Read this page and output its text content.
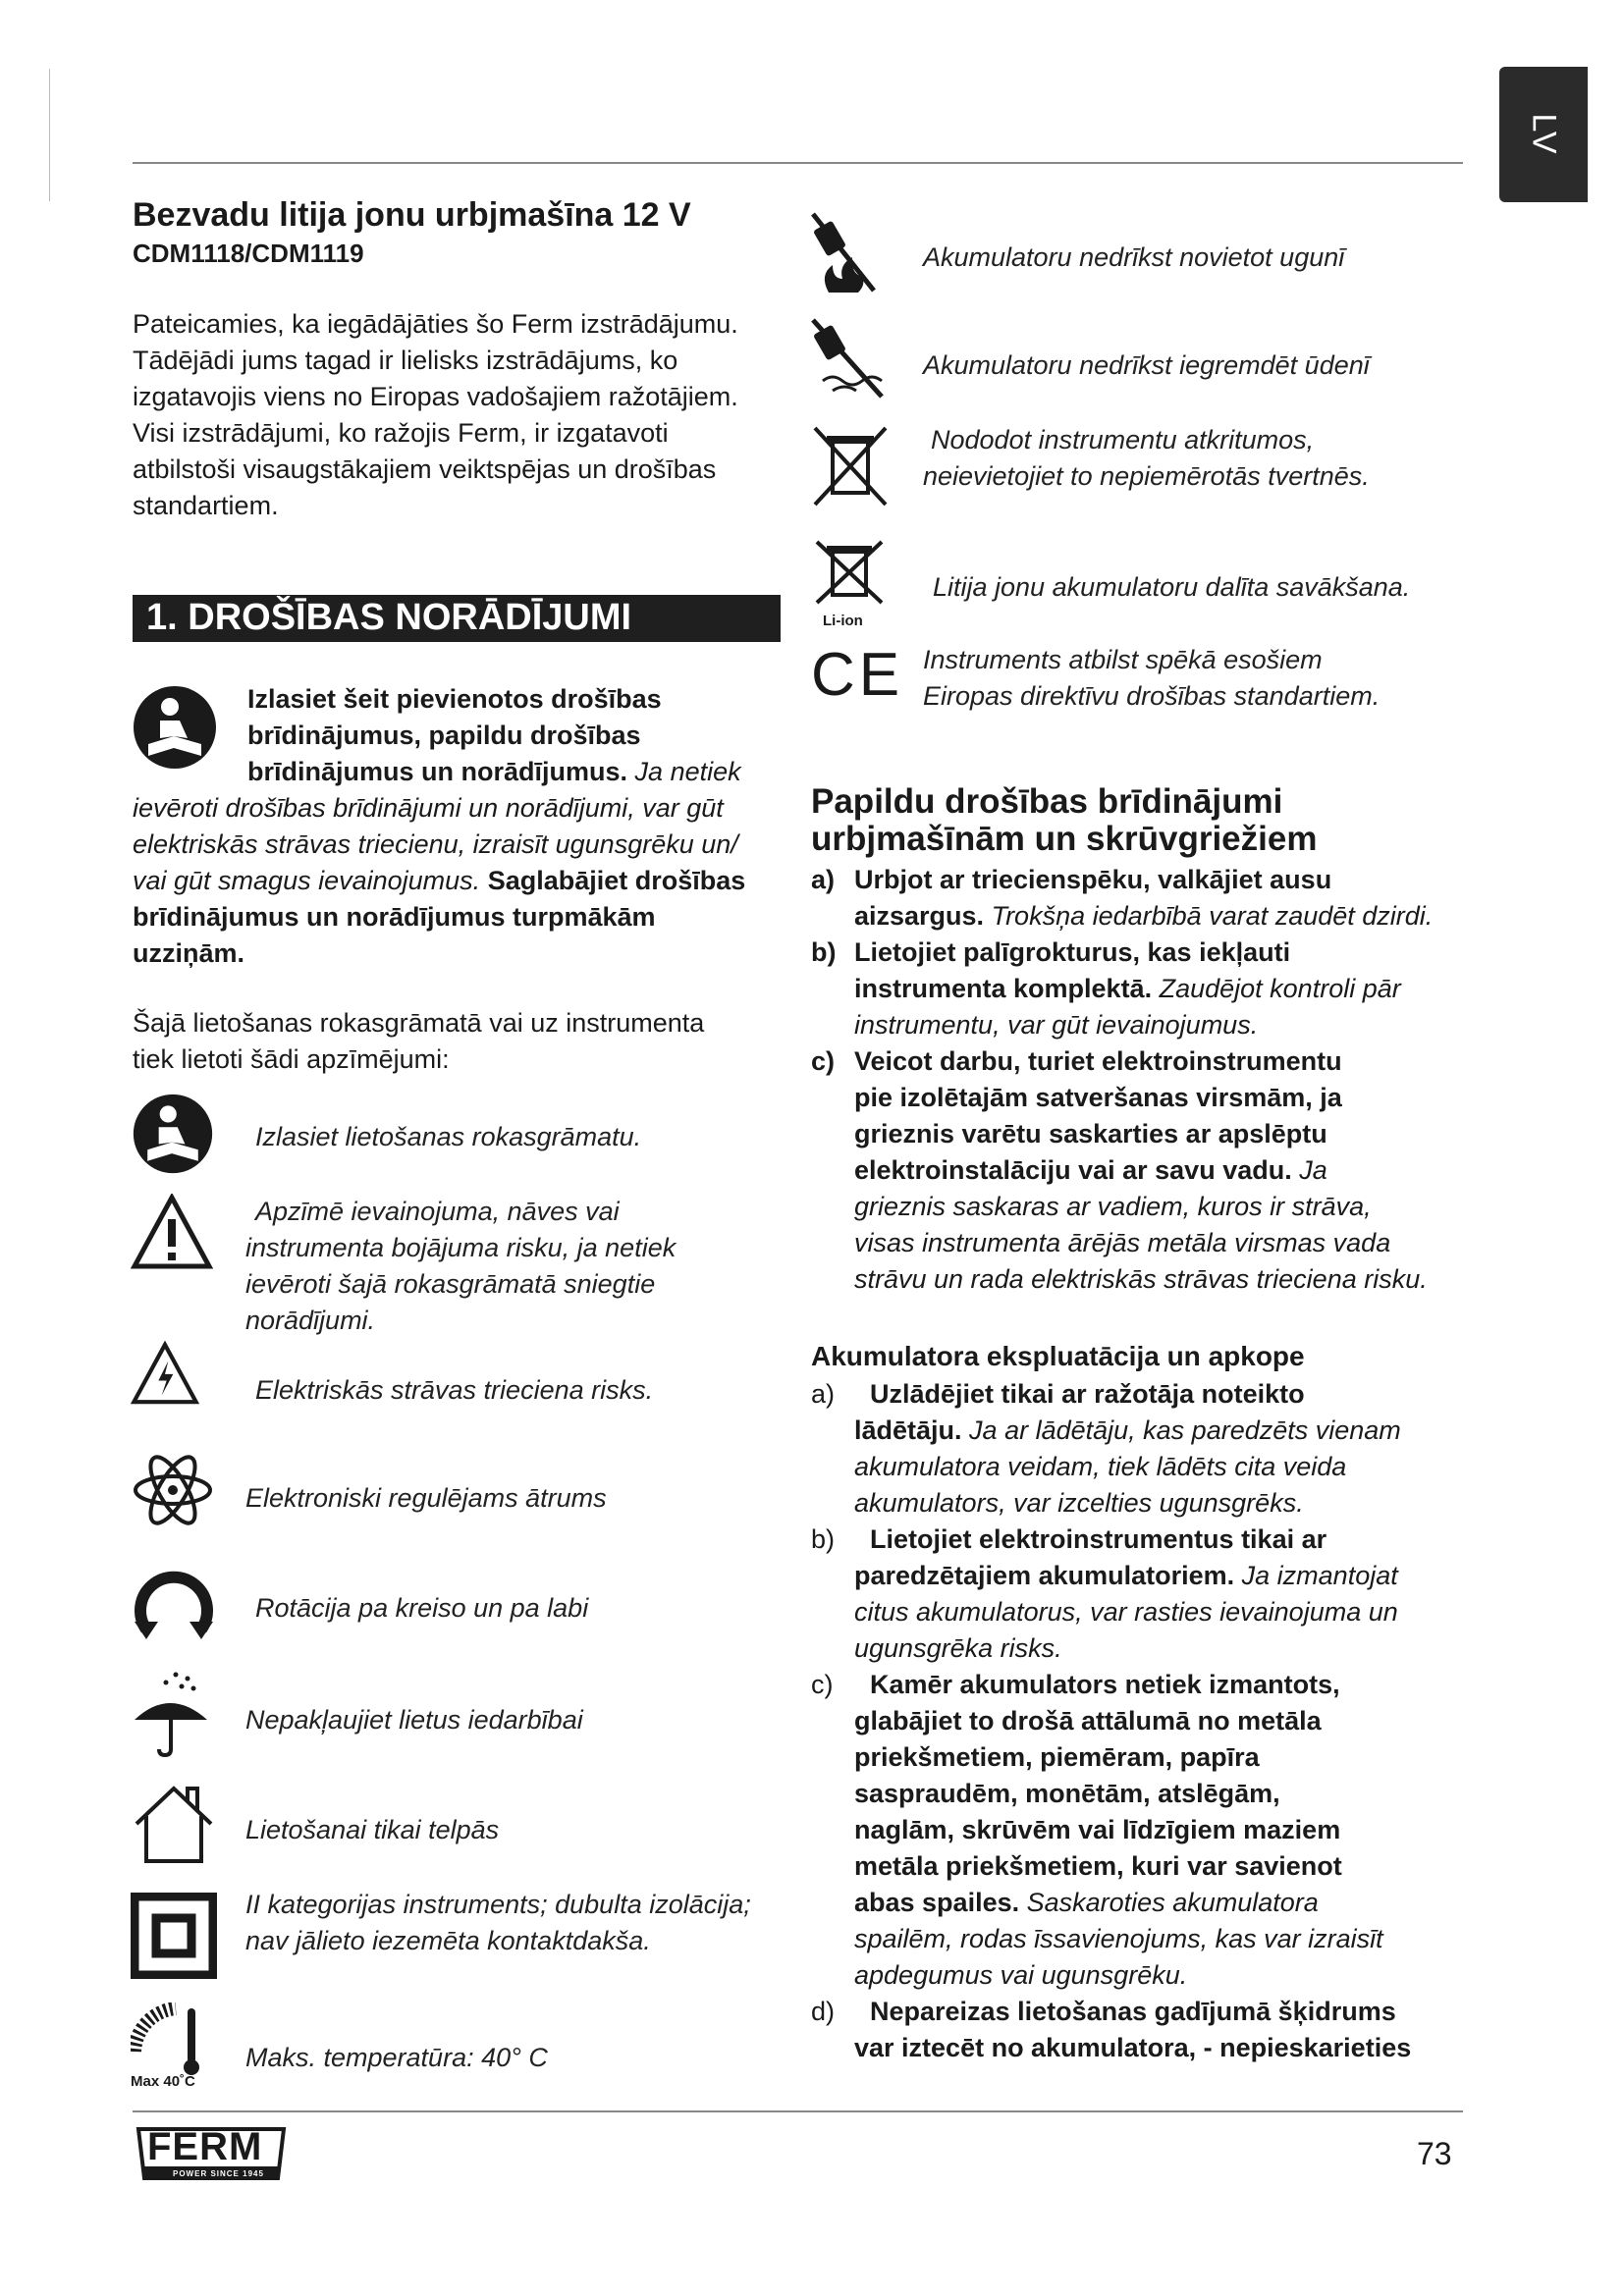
LV
Bezvadu litija jonu urbjmašīna 12 V
CDM1118/CDM1119
Pateicamies, ka iegādājāties šo Ferm izstrādājumu.
Tādējādi jums tagad ir lielisks izstrādājums, ko
izgatavojis viens no Eiropas vadošajiem ražotājiem.
Visi izstrādājumi, ko ražojis Ferm, ir izgatavoti
atbilstoši visaugstākajiem veiktspējas un drošības
standartiem.
1. DROŠĪBAS NORĀDĪJUMI
Izlasiet šeit pievienotos drošības
brīdinājumus, papildu drošības
brīdinājumus un norādījumus. Ja netiek
ievēroti drošības brīdinājumi un norādījumi, var gūt
elektriskās strāvas triecienu, izraisīt ugunsgrēku un/
vai gūt smagus ievainojumus. Saglabājiet drošības
brīdinājumus un norādījumus turpmākām
uzziņām.
Šajā lietošanas rokasgrāmatā vai uz instrumenta
tiek lietoti šādi apzīmējumi:
Izlasiet lietošanas rokasgrāmatu.
Apzīmē ievainojuma, nāves vai
instrumenta bojājuma risku, ja netiek
ievēroti šajā rokasgrāmatā sniegtie
norādījumi.
Elektriskās strāvas trieciena risks.
Elektroniski regulējams ātrums
Rotācija pa kreiso un pa labi
Nepakļaujiet lietus iedarbībai
Lietošanai tikai telpās
II kategorijas instruments; dubulta izolācija;
nav jālieto iezemēta kontaktdakša.
Max 40˚C
Maks. temperatūra: 40° C
Akumulatoru nedrīkst novietot ugunī
Akumulatoru nedrīkst iegremdēt ūdenī
Nododot instrumentu atkritumos,
neievietojiet to nepiemērotās tvertnēs.
Li-ion
Litija jonu akumulatoru dalīta savākšana.
CE Instruments atbilst spēkā esošiem
Eiropas direktīvu drošības standartiem.
Papildu drošības brīdinājumi
urbjmašīnām un skrūvgriežiem
a) Urbjot ar triecienspēku, valkājiet ausu
aizsargus. Trokšņa iedarbībā varat zaudēt dzirdi.
b) Lietojiet palīgrokturus, kas iekļauti
instrumenta komplektā. Zaudējot kontroli pār
instrumentu, var gūt ievainojumus.
c) Veicot darbu, turiet elektroinstrumentu
pie izolētajām satveršanas virsmām, ja
grieznis varētu saskarties ar apslēptu
elektroinstalāciju vai ar savu vadu. Ja
grieznis saskaras ar vadiem, kuros ir strāva,
visas instrumenta ārējās metāla virsmas vada
strāvu un rada elektriskās strāvas trieciena risku.
Akumulatora ekspluatācija un apkope
a) Uzlādējiet tikai ar ražotāja noteikto
lādētāju. Ja ar lādētāju, kas paredzēts vienam
akumulatora veidam, tiek lādēts cita veida
akumulators, var izcelties ugunsgrēks.
b) Lietojiet elektroinstrumentus tikai ar
paredzētajiem akumulatoriem. Ja izmantojat
citus akumulatorus, var rasties ievainojuma un
ugunsgrēka risks.
c) Kamēr akumulators netiek izmantots,
glabājiet to drošā attālumā no metāla
priekšmetiem, piemēram, papīra
saspraudēm, monētām, atslēgām,
naglām, skrūvēm vai līdzīgiem maziem
metāla priekšmetiem, kuri var savienot
abas spailes. Saskaroties akumulatora
spailēm, rodas īssavienojums, kas var izraisīt
apdegumus vai ugunsgrēku.
d) Nepareizas lietošanas gadījumā šķidrums
var iztecēt no akumulatora, - nepieskarieties
FERM
POWER SINCE 1945
73
